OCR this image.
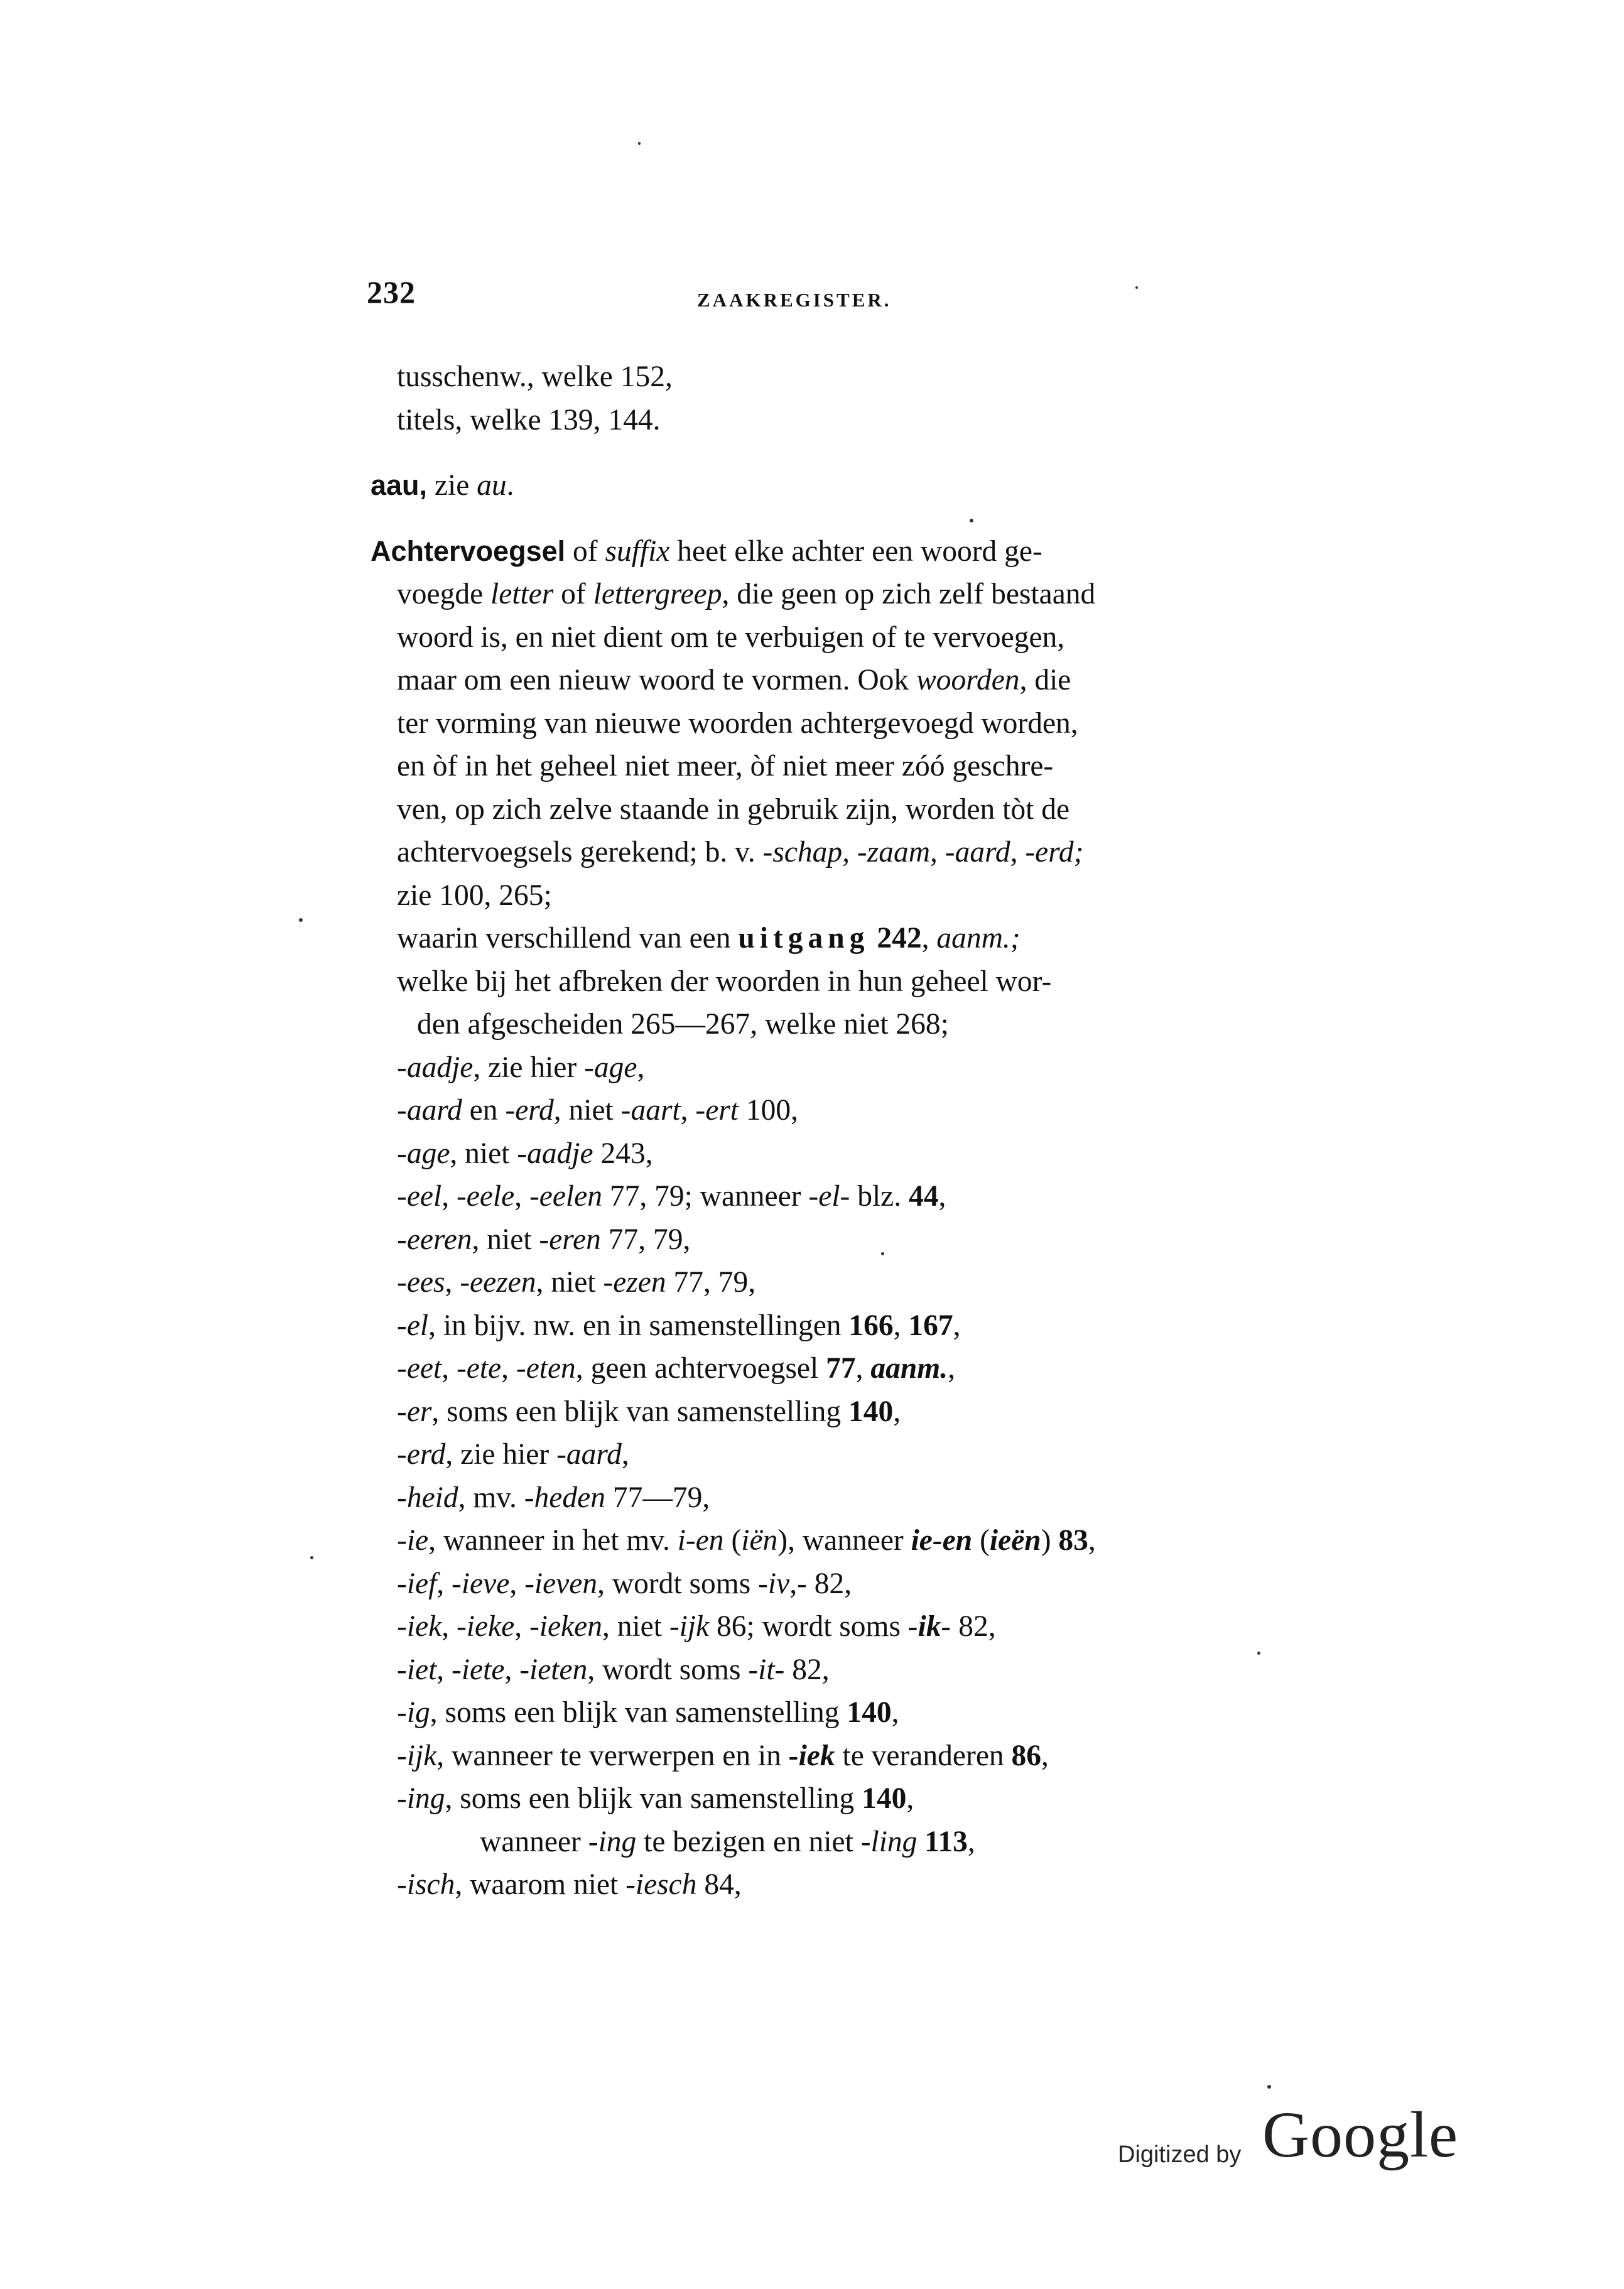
232	ZAAKREGISTER.
tusschenw., welke 152,
titels, welke 139, 144.
aau, zie au.
Achtervoegsel of suffix heet elke achter een woord ge-
voegde letter of lettergreep, die geen op zich zelf bestaand
woord is, en niet dient om te verbuigen of te vervoegen,
maar om een nieuw woord te vormen. Ook woorden, die
ter vorming van nieuwe woorden achtergevoegd worden,
en òf in het geheel niet meer, òf niet meer zóó geschre-
ven, op zich zelve staande in gebruik zijn, worden tòt de
achtervoegsels gerekend; b. v. -schap, -zaam, -aard, -erd;
zie 100, 265;
waarin verschillend van een uitgang 242, aanm.;
welke bij het afbreken der woorden in hun geheel wor-
den afgescheiden 265—267, welke niet 268;
-aadje, zie hier -age,
-aard en -erd, niet -aart, -ert 100,
-age, niet -aadje 243,
-eel, -eele, -eelen 77, 79; wanneer -el- blz. 44,
-eeren, niet -eren 77, 79,
-ees, -eezen, niet -ezen 77, 79,
-el, in bijv. nw. en in samenstellingen 166, 167,
-eet, -ete, -eten, geen achtervoegsel 77, aanm.,
-er, soms een blijk van samenstelling 140,
-erd, zie hier -aard,
-heid, mv. -heden 77—79,
-ie, wanneer in het mv. i-en (iën), wanneer ie-en (ieën) 83,
-ief, -ieve, -ieven, wordt soms -iv,- 82,
-iek, -ieke, -ieken, niet -ijk 86; wordt soms -ik- 82,
-iet, -iete, -ieten, wordt soms -it- 82,
-ig, soms een blijk van samenstelling 140,
-ijk, wanneer te verwerpen en in -iek te veranderen 86,
-ing, soms een blijk van samenstelling 140,
wanneer -ing te bezigen en niet -ling 113,
-isch, waarom niet -iesch 84,
Digitized by Google
